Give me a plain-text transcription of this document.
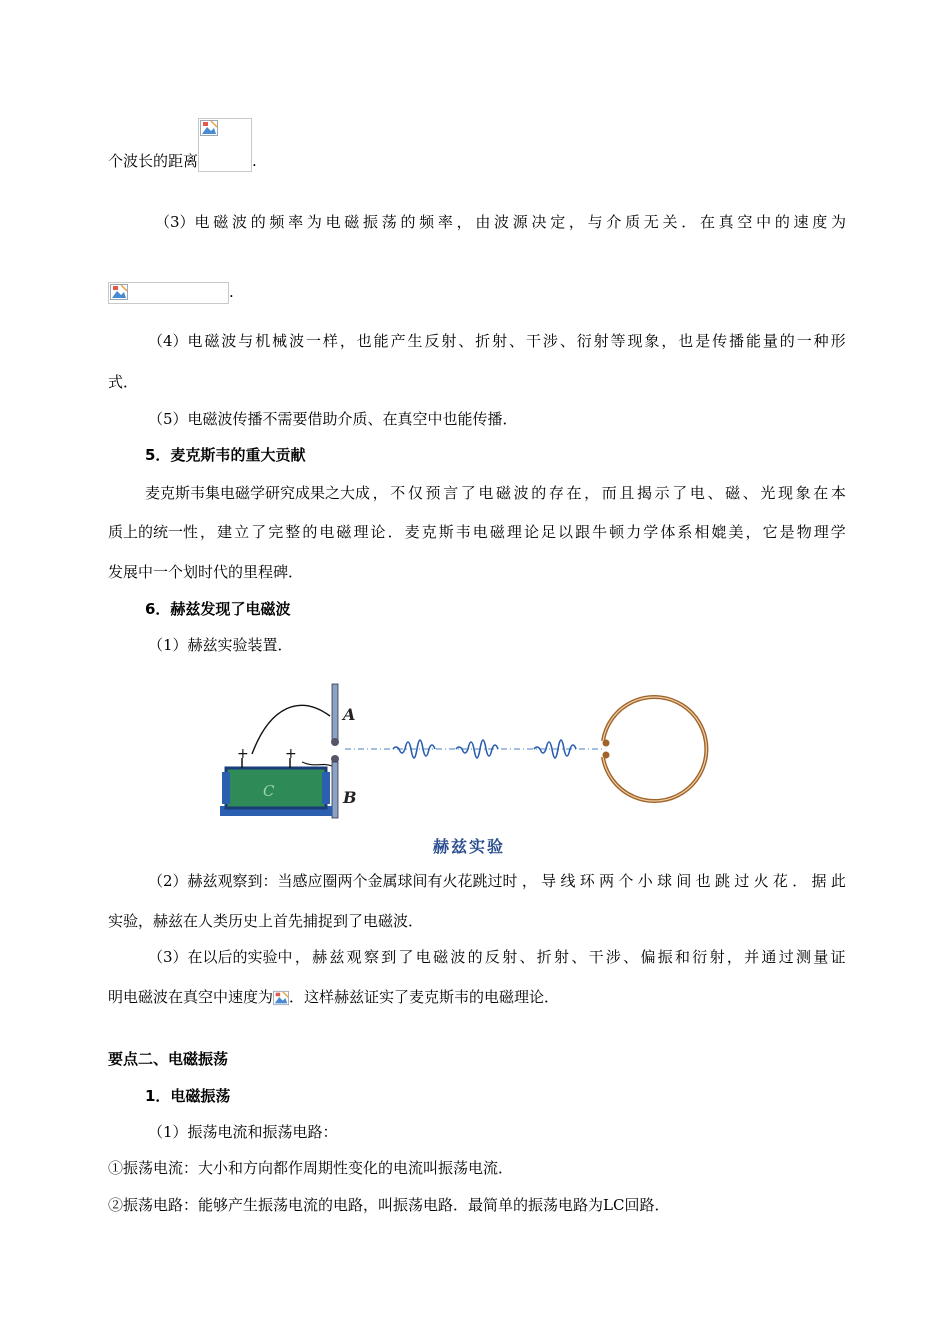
个波长的距离	.
（3）电 磁 波 的 频 率 为 电 磁 振 荡 的 频 率 ， 由 波 源 决 定 ， 与 介 质 无 关 ． 在 真 空 中 的 速 度 为
.
（4）电 磁 波 与 机 械 波 一 样 ， 也 能 产 生 反 射 、 折 射 、 干 涉 、 衍 射 等 现 象 ， 也 是 传 播 能 量 的 一 种 形
式．
（5）电磁波传播不需要借助介质、在真空中也能传播．
5．麦克斯韦的重大贡献
麦克斯韦集电磁学研究成果之大成 ， 不 仅 预 言 了 电 磁 波 的 存 在 ， 而 且 揭 示 了 电 、 磁 、 光 现 象 在 本
质上的统一性 ， 建 立 了 完 整 的 电 磁 理 论 ． 麦 克 斯 韦 电 磁 理 论 足 以 跟 牛 顿 力 学 体 系 相 媲 美 ， 它 是 物 理 学
发展中一个划时代的里程碑．
6．赫兹发现了电磁波
（1）赫兹实验装置．
A
B
C
+	+
赫兹实验
（2）赫兹观察到：当感应圈两个金属球间有火花跳过时 ， 导 线 环 两 个 小 球 间 也 跳 过 火 花 ． 据 此
实验，赫兹在人类历史上首先捕捉到了电磁波．
（3）在以后的实验中 ， 赫 兹 观 察 到 了 电 磁 波 的 反 射 、 折 射 、 干 涉 、 偏 振 和 衍 射 ， 并 通 过 测 量 证
明电磁波在真空中速度为 ．这样赫兹证实了麦克斯韦的电磁理论．
要点二、电磁振荡
1．电磁振荡
（1）振荡电流和振荡电路：
①振荡电流：大小和方向都作周期性变化的电流叫振荡电流．
②振荡电路：能够产生振荡电流的电路，叫振荡电路．最简单的振荡电路为LC回路．
